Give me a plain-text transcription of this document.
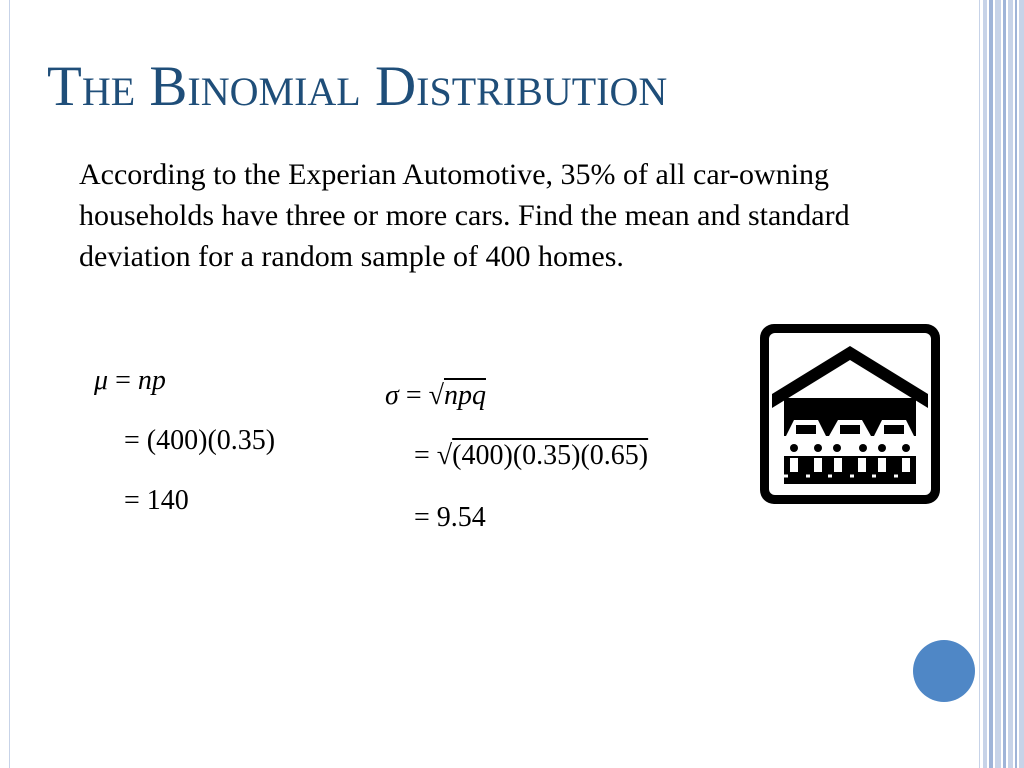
The Binomial Distribution

According to the Experian Automotive, 35% of all car-owning households have three or more cars. Find the mean and standard deviation for a random sample of 400 homes.

μ = np
= (400)(0.35)
= 140
σ = √npq
= √(400)(0.35)(0.65)
= 9.54
